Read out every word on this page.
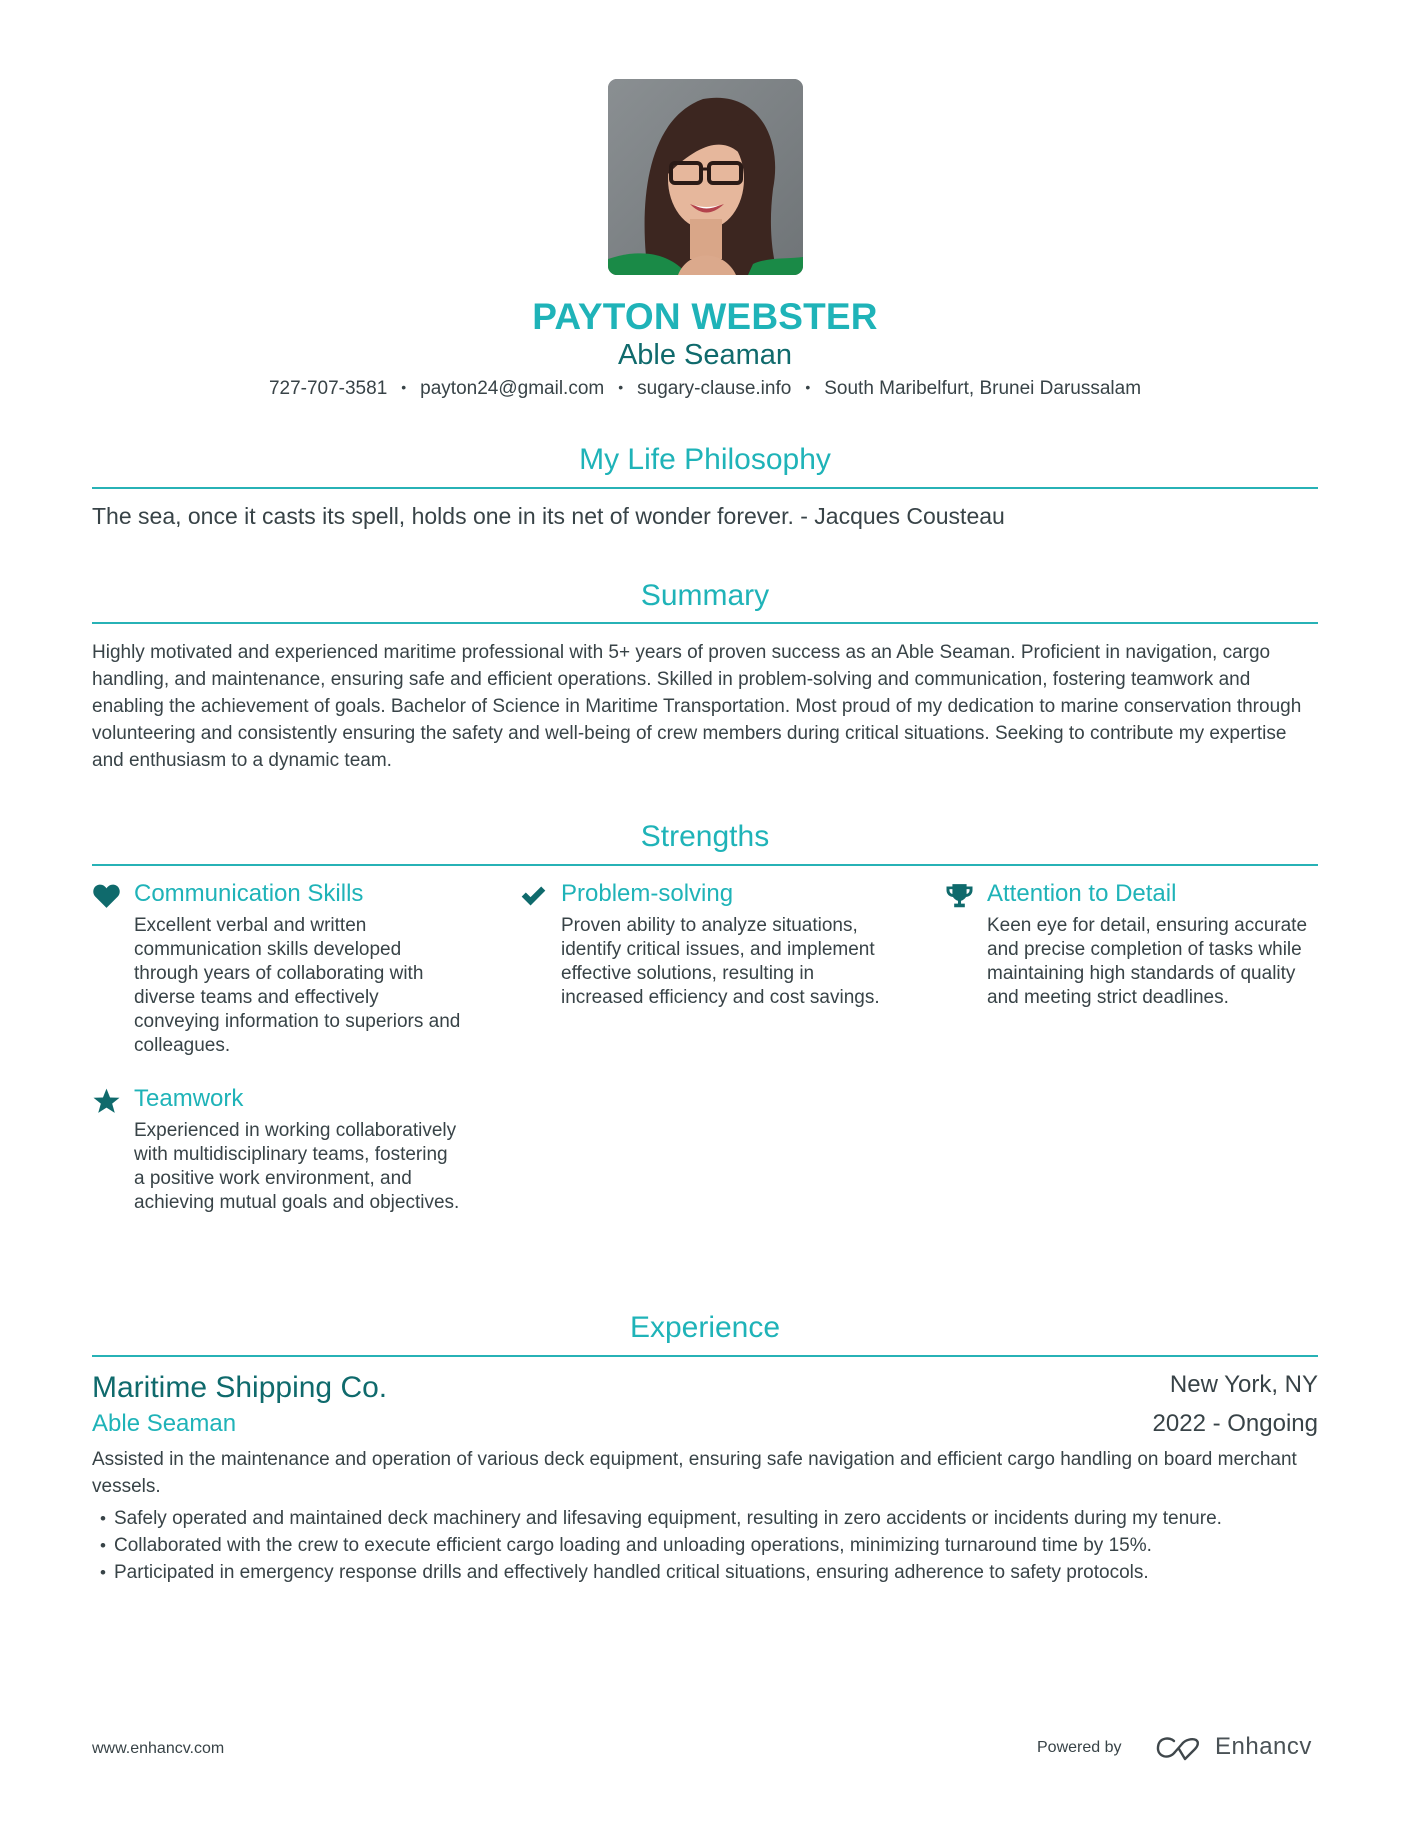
PAYTON WEBSTER
Able Seaman
727-707-3581 • payton24@gmail.com • sugary-clause.info • South Maribelfurt, Brunei Darussalam
My Life Philosophy
The sea, once it casts its spell, holds one in its net of wonder forever. - Jacques Cousteau
Summary
Highly motivated and experienced maritime professional with 5+ years of proven success as an Able Seaman. Proficient in navigation, cargo handling, and maintenance, ensuring safe and efficient operations. Skilled in problem-solving and communication, fostering teamwork and enabling the achievement of goals. Bachelor of Science in Maritime Transportation. Most proud of my dedication to marine conservation through volunteering and consistently ensuring the safety and well-being of crew members during critical situations. Seeking to contribute my expertise and enthusiasm to a dynamic team.
Strengths
Communication Skills
Excellent verbal and written communication skills developed through years of collaborating with diverse teams and effectively conveying information to superiors and colleagues.
Problem-solving
Proven ability to analyze situations, identify critical issues, and implement effective solutions, resulting in increased efficiency and cost savings.
Attention to Detail
Keen eye for detail, ensuring accurate and precise completion of tasks while maintaining high standards of quality and meeting strict deadlines.
Teamwork
Experienced in working collaboratively with multidisciplinary teams, fostering a positive work environment, and achieving mutual goals and objectives.
Experience
Maritime Shipping Co.	New York, NY
Able Seaman	2022 - Ongoing
Assisted in the maintenance and operation of various deck equipment, ensuring safe navigation and efficient cargo handling on board merchant vessels.
• Safely operated and maintained deck machinery and lifesaving equipment, resulting in zero accidents or incidents during my tenure.
• Collaborated with the crew to execute efficient cargo loading and unloading operations, minimizing turnaround time by 15%.
• Participated in emergency response drills and effectively handled critical situations, ensuring adherence to safety protocols.
www.enhancv.com	Powered by	Enhancv
